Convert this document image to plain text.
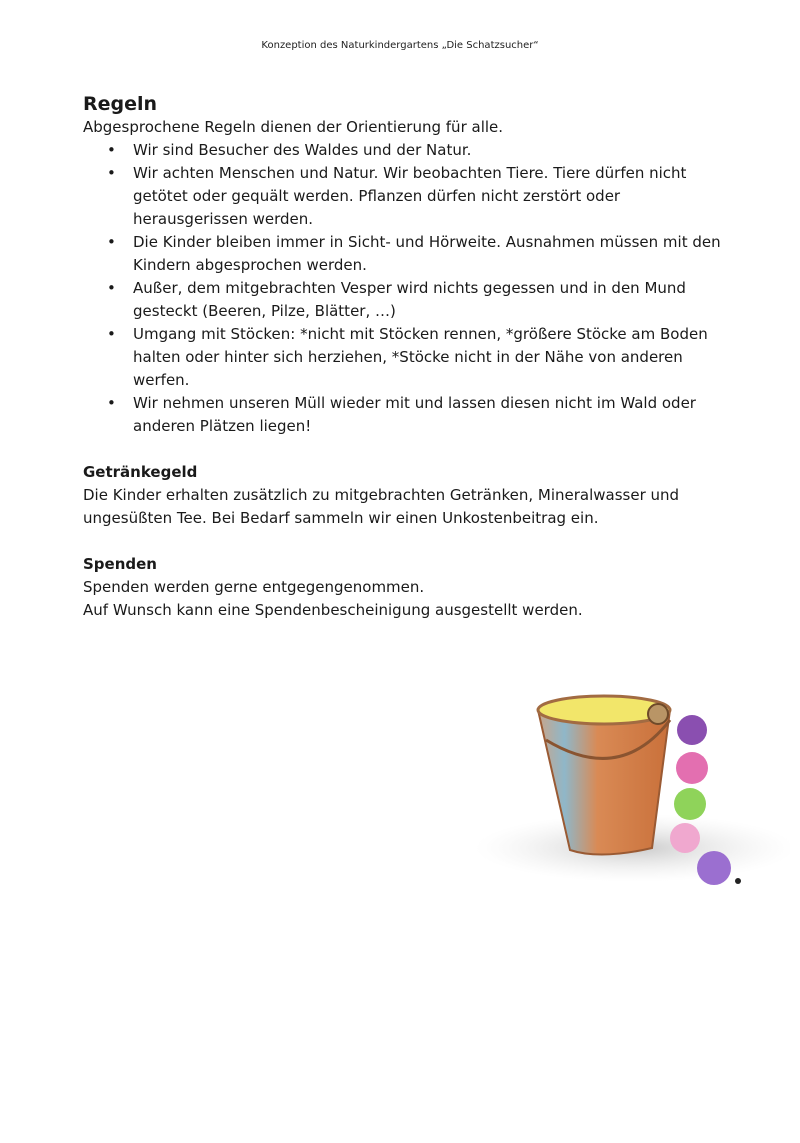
Konzeption des Naturkindergartens „Die Schatzsucher“
Regeln

Abgesprochene Regeln dienen der Orientierung für alle.

• Wir sind Besucher des Waldes und der Natur.
• Wir achten Menschen und Natur. Wir beobachten Tiere. Tiere dürfen nicht getötet oder gequält werden. Pflanzen dürfen nicht zerstört oder herausgerissen werden.
• Die Kinder bleiben immer in Sicht- und Hörweite. Ausnahmen müssen mit den Kindern abgesprochen werden.
• Außer, dem mitgebrachten Vesper wird nichts gegessen und in den Mund gesteckt (Beeren, Pilze, Blätter, …)
• Umgang mit Stöcken: *nicht mit Stöcken rennen, *größere Stöcke am Boden halten oder hinter sich herziehen, *Stöcke nicht in der Nähe von anderen werfen.
• Wir nehmen unseren Müll wieder mit und lassen diesen nicht im Wald oder anderen Plätzen liegen!
Getränkegeld

Die Kinder erhalten zusätzlich zu mitgebrachten Getränken, Mineralwasser und ungesüßten Tee. Bei Bedarf sammeln wir einen Unkostenbeitrag ein.

Spenden

Spenden werden gerne entgegengenommen.

Auf Wunsch kann eine Spendenbescheinigung ausgestellt werden.
